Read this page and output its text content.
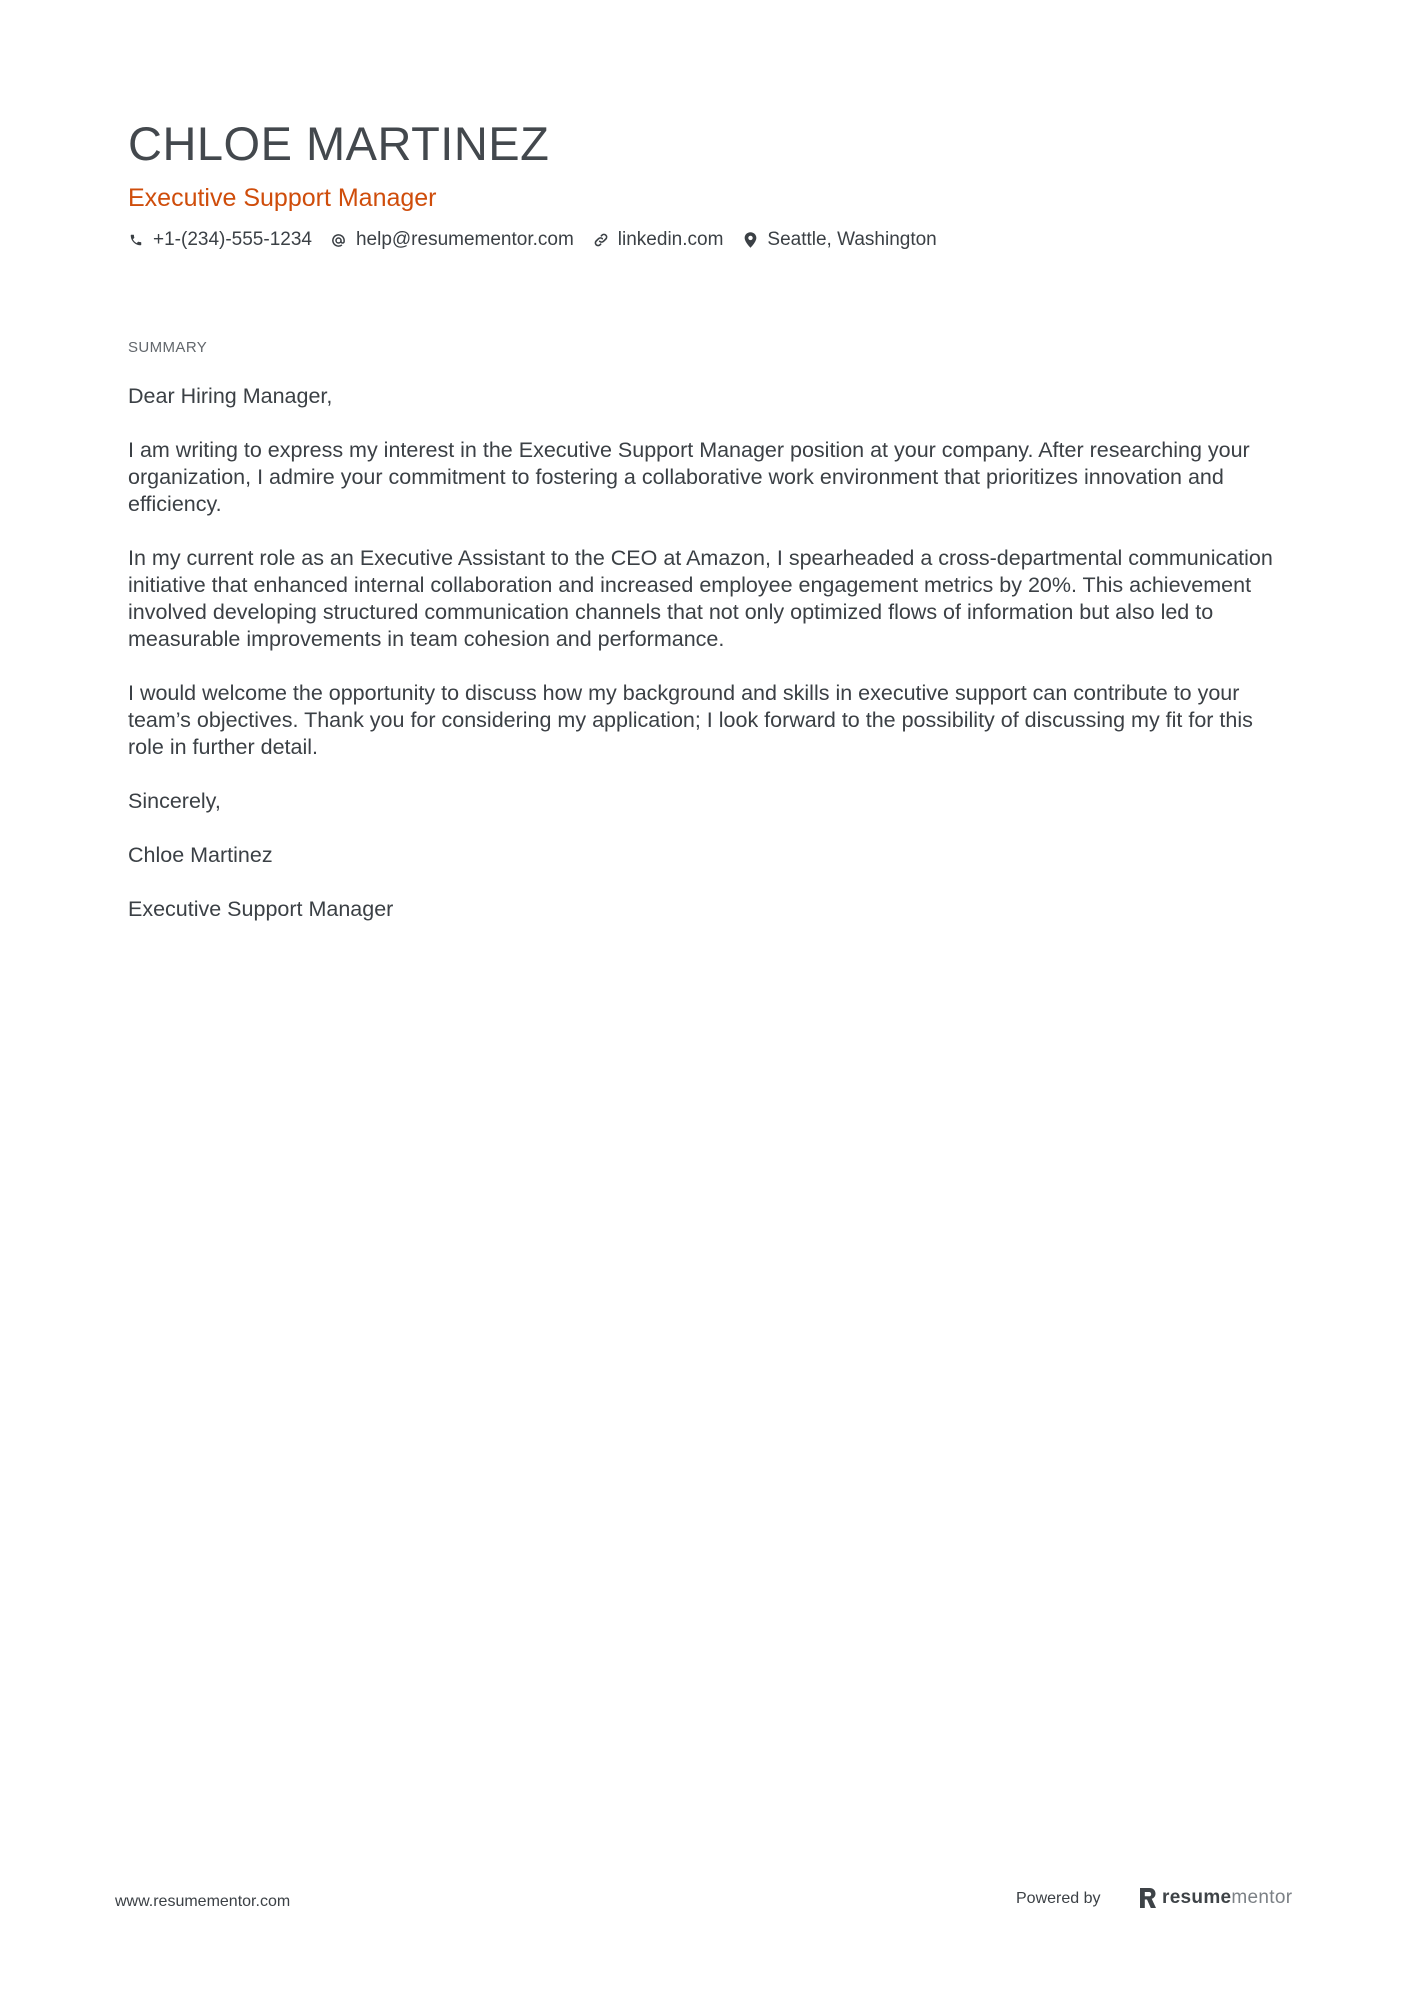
CHLOE MARTINEZ
Executive Support Manager
+1-(234)-555-1234 help@resumementor.com linkedin.com Seattle, Washington
SUMMARY

Dear Hiring Manager,

I am writing to express my interest in the Executive Support Manager position at your company. After researching your organization, I admire your commitment to fostering a collaborative work environment that prioritizes innovation and efficiency.

In my current role as an Executive Assistant to the CEO at Amazon, I spearheaded a cross-departmental communication initiative that enhanced internal collaboration and increased employee engagement metrics by 20%. This achievement involved developing structured communication channels that not only optimized flows of information but also led to measurable improvements in team cohesion and performance.

I would welcome the opportunity to discuss how my background and skills in executive support can contribute to your team’s objectives. Thank you for considering my application; I look forward to the possibility of discussing my fit for this role in further detail.

Sincerely,

Chloe Martinez

Executive Support Manager

www.resumementor.com	Powered by	resumementor
